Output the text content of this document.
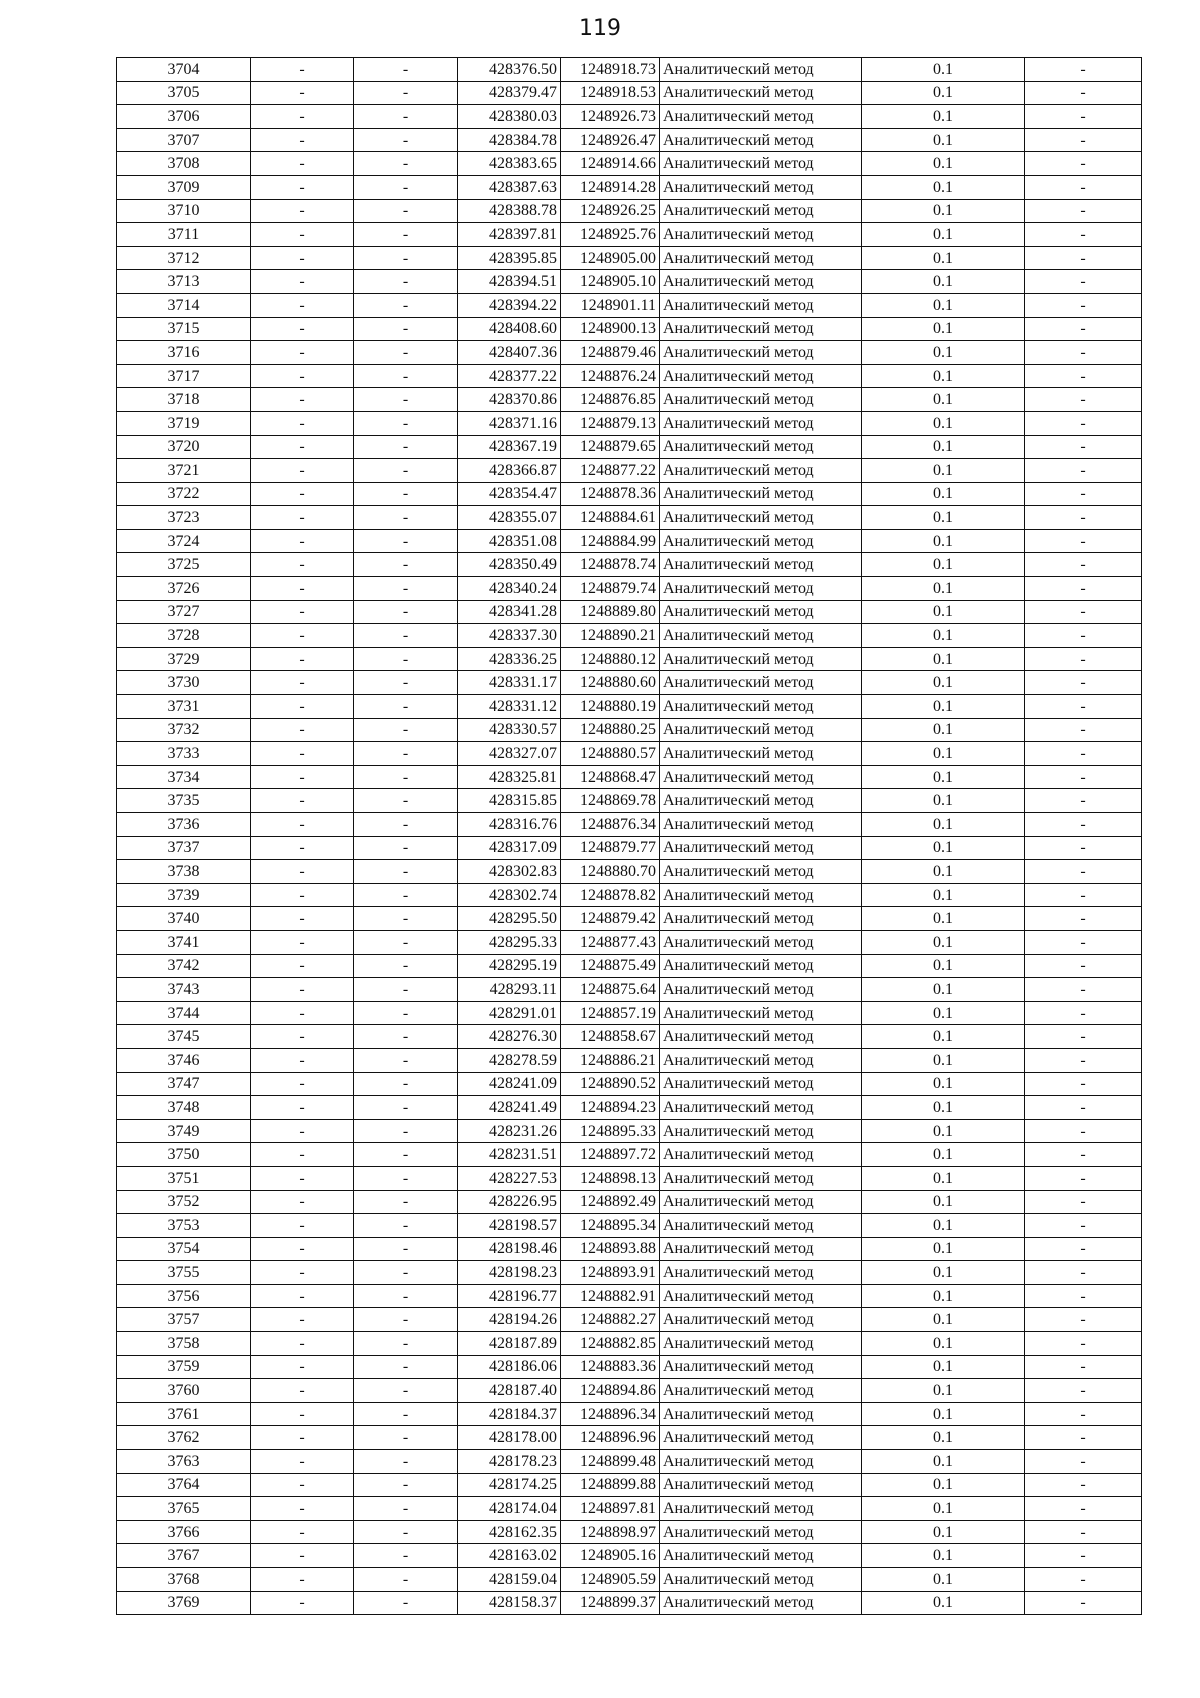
119
3704	-	-	428376.50	1248918.73	Аналитический метод	0.1	-
3705	-	-	428379.47	1248918.53	Аналитический метод	0.1	-
3706	-	-	428380.03	1248926.73	Аналитический метод	0.1	-
3707	-	-	428384.78	1248926.47	Аналитический метод	0.1	-
3708	-	-	428383.65	1248914.66	Аналитический метод	0.1	-
3709	-	-	428387.63	1248914.28	Аналитический метод	0.1	-
3710	-	-	428388.78	1248926.25	Аналитический метод	0.1	-
3711	-	-	428397.81	1248925.76	Аналитический метод	0.1	-
3712	-	-	428395.85	1248905.00	Аналитический метод	0.1	-
3713	-	-	428394.51	1248905.10	Аналитический метод	0.1	-
3714	-	-	428394.22	1248901.11	Аналитический метод	0.1	-
3715	-	-	428408.60	1248900.13	Аналитический метод	0.1	-
3716	-	-	428407.36	1248879.46	Аналитический метод	0.1	-
3717	-	-	428377.22	1248876.24	Аналитический метод	0.1	-
3718	-	-	428370.86	1248876.85	Аналитический метод	0.1	-
3719	-	-	428371.16	1248879.13	Аналитический метод	0.1	-
3720	-	-	428367.19	1248879.65	Аналитический метод	0.1	-
3721	-	-	428366.87	1248877.22	Аналитический метод	0.1	-
3722	-	-	428354.47	1248878.36	Аналитический метод	0.1	-
3723	-	-	428355.07	1248884.61	Аналитический метод	0.1	-
3724	-	-	428351.08	1248884.99	Аналитический метод	0.1	-
3725	-	-	428350.49	1248878.74	Аналитический метод	0.1	-
3726	-	-	428340.24	1248879.74	Аналитический метод	0.1	-
3727	-	-	428341.28	1248889.80	Аналитический метод	0.1	-
3728	-	-	428337.30	1248890.21	Аналитический метод	0.1	-
3729	-	-	428336.25	1248880.12	Аналитический метод	0.1	-
3730	-	-	428331.17	1248880.60	Аналитический метод	0.1	-
3731	-	-	428331.12	1248880.19	Аналитический метод	0.1	-
3732	-	-	428330.57	1248880.25	Аналитический метод	0.1	-
3733	-	-	428327.07	1248880.57	Аналитический метод	0.1	-
3734	-	-	428325.81	1248868.47	Аналитический метод	0.1	-
3735	-	-	428315.85	1248869.78	Аналитический метод	0.1	-
3736	-	-	428316.76	1248876.34	Аналитический метод	0.1	-
3737	-	-	428317.09	1248879.77	Аналитический метод	0.1	-
3738	-	-	428302.83	1248880.70	Аналитический метод	0.1	-
3739	-	-	428302.74	1248878.82	Аналитический метод	0.1	-
3740	-	-	428295.50	1248879.42	Аналитический метод	0.1	-
3741	-	-	428295.33	1248877.43	Аналитический метод	0.1	-
3742	-	-	428295.19	1248875.49	Аналитический метод	0.1	-
3743	-	-	428293.11	1248875.64	Аналитический метод	0.1	-
3744	-	-	428291.01	1248857.19	Аналитический метод	0.1	-
3745	-	-	428276.30	1248858.67	Аналитический метод	0.1	-
3746	-	-	428278.59	1248886.21	Аналитический метод	0.1	-
3747	-	-	428241.09	1248890.52	Аналитический метод	0.1	-
3748	-	-	428241.49	1248894.23	Аналитический метод	0.1	-
3749	-	-	428231.26	1248895.33	Аналитический метод	0.1	-
3750	-	-	428231.51	1248897.72	Аналитический метод	0.1	-
3751	-	-	428227.53	1248898.13	Аналитический метод	0.1	-
3752	-	-	428226.95	1248892.49	Аналитический метод	0.1	-
3753	-	-	428198.57	1248895.34	Аналитический метод	0.1	-
3754	-	-	428198.46	1248893.88	Аналитический метод	0.1	-
3755	-	-	428198.23	1248893.91	Аналитический метод	0.1	-
3756	-	-	428196.77	1248882.91	Аналитический метод	0.1	-
3757	-	-	428194.26	1248882.27	Аналитический метод	0.1	-
3758	-	-	428187.89	1248882.85	Аналитический метод	0.1	-
3759	-	-	428186.06	1248883.36	Аналитический метод	0.1	-
3760	-	-	428187.40	1248894.86	Аналитический метод	0.1	-
3761	-	-	428184.37	1248896.34	Аналитический метод	0.1	-
3762	-	-	428178.00	1248896.96	Аналитический метод	0.1	-
3763	-	-	428178.23	1248899.48	Аналитический метод	0.1	-
3764	-	-	428174.25	1248899.88	Аналитический метод	0.1	-
3765	-	-	428174.04	1248897.81	Аналитический метод	0.1	-
3766	-	-	428162.35	1248898.97	Аналитический метод	0.1	-
3767	-	-	428163.02	1248905.16	Аналитический метод	0.1	-
3768	-	-	428159.04	1248905.59	Аналитический метод	0.1	-
3769	-	-	428158.37	1248899.37	Аналитический метод	0.1	-
